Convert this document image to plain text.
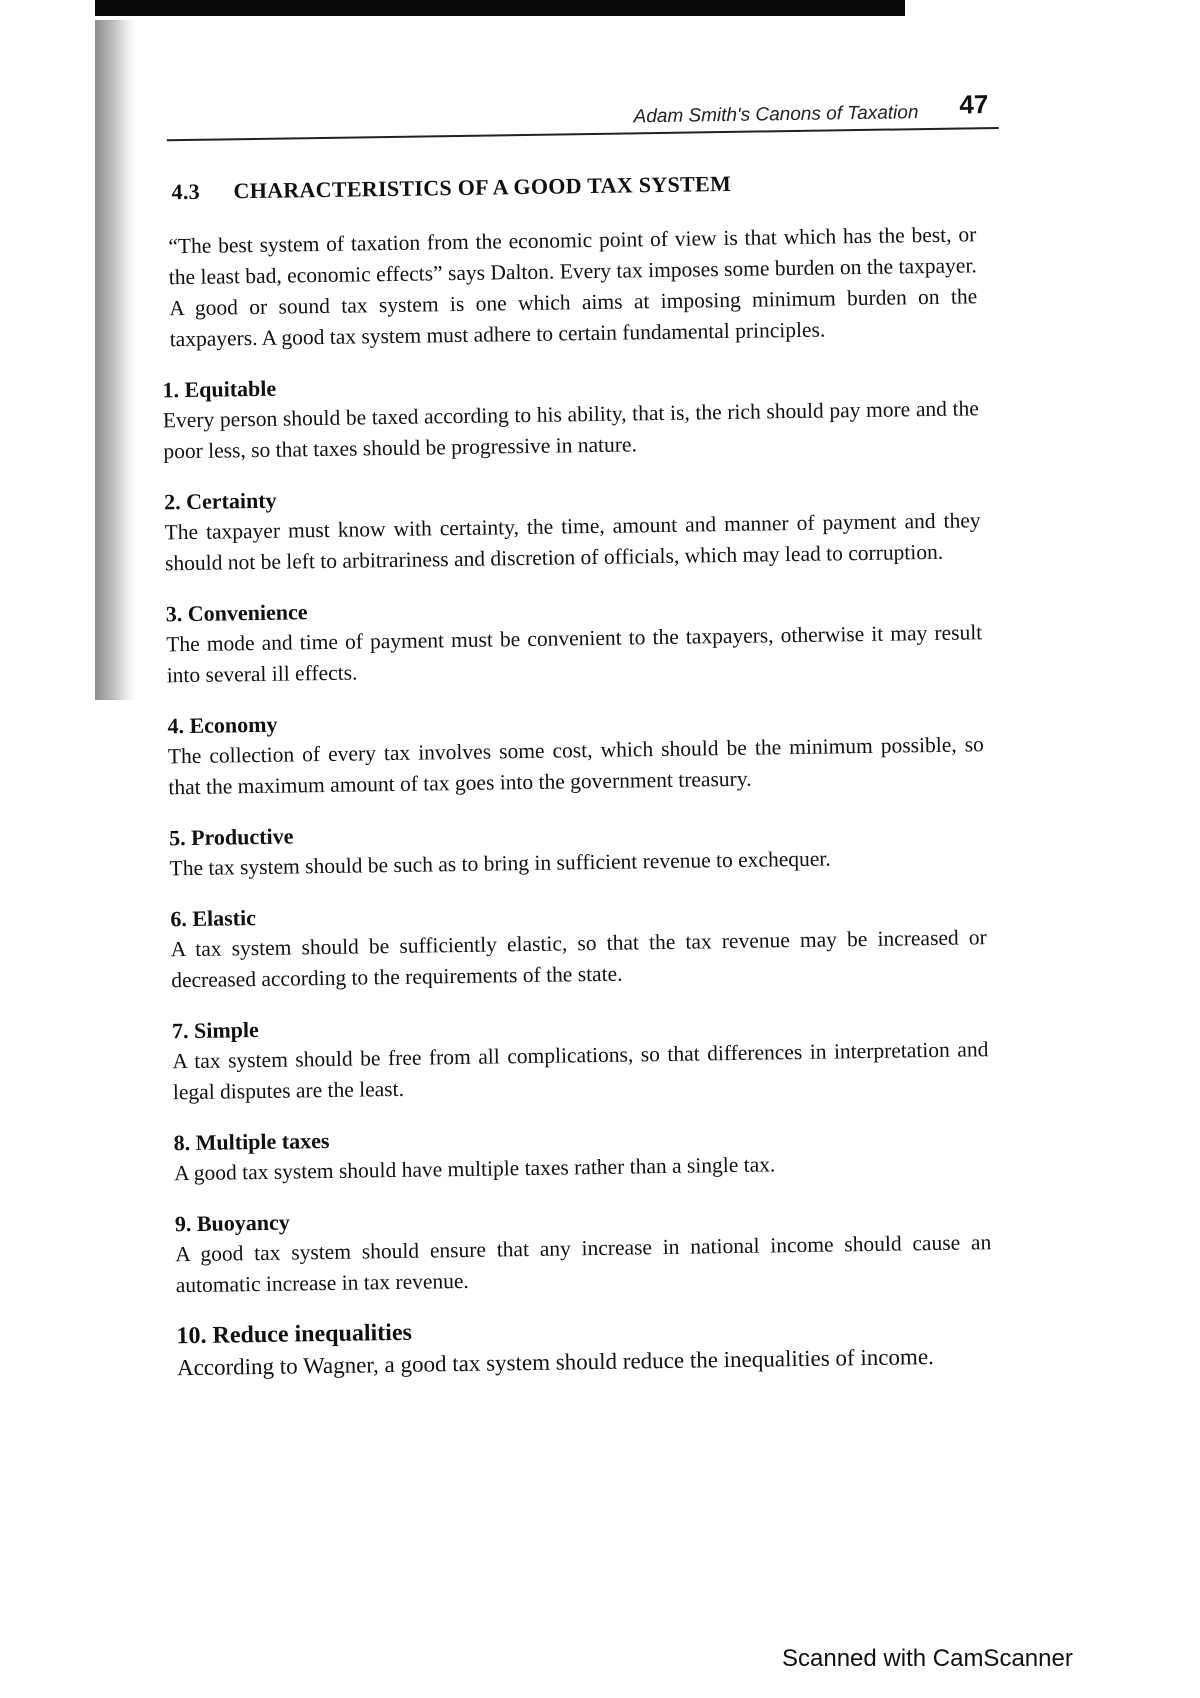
Adam Smith's Canons of Taxation 47
4.3 CHARACTERISTICS OF A GOOD TAX SYSTEM

“The best system of taxation from the economic point of view is that which has the best, or the least bad, economic effects” says Dalton. Every tax imposes some burden on the taxpayer. A good or sound tax system is one which aims at imposing minimum burden on the taxpayers. A good tax system must adhere to certain fundamental principles.

1. Equitable
Every person should be taxed according to his ability, that is, the rich should pay more and the poor less, so that taxes should be progressive in nature.
2. Certainty
The taxpayer must know with certainty, the time, amount and manner of payment and they should not be left to arbitrariness and discretion of officials, which may lead to corruption.
3. Convenience
The mode and time of payment must be convenient to the taxpayers, otherwise it may result into several ill effects.
4. Economy
The collection of every tax involves some cost, which should be the minimum possible, so that the maximum amount of tax goes into the government treasury.
5. Productive
The tax system should be such as to bring in sufficient revenue to exchequer.
6. Elastic
A tax system should be sufficiently elastic, so that the tax revenue may be increased or decreased according to the requirements of the state.
7. Simple
A tax system should be free from all complications, so that differences in interpretation and legal disputes are the least.
8. Multiple taxes
A good tax system should have multiple taxes rather than a single tax.
9. Buoyancy
A good tax system should ensure that any increase in national income should cause an automatic increase in tax revenue.
10. Reduce inequalities
According to Wagner, a good tax system should reduce the inequalities of income.
Scanned with CamScanner
